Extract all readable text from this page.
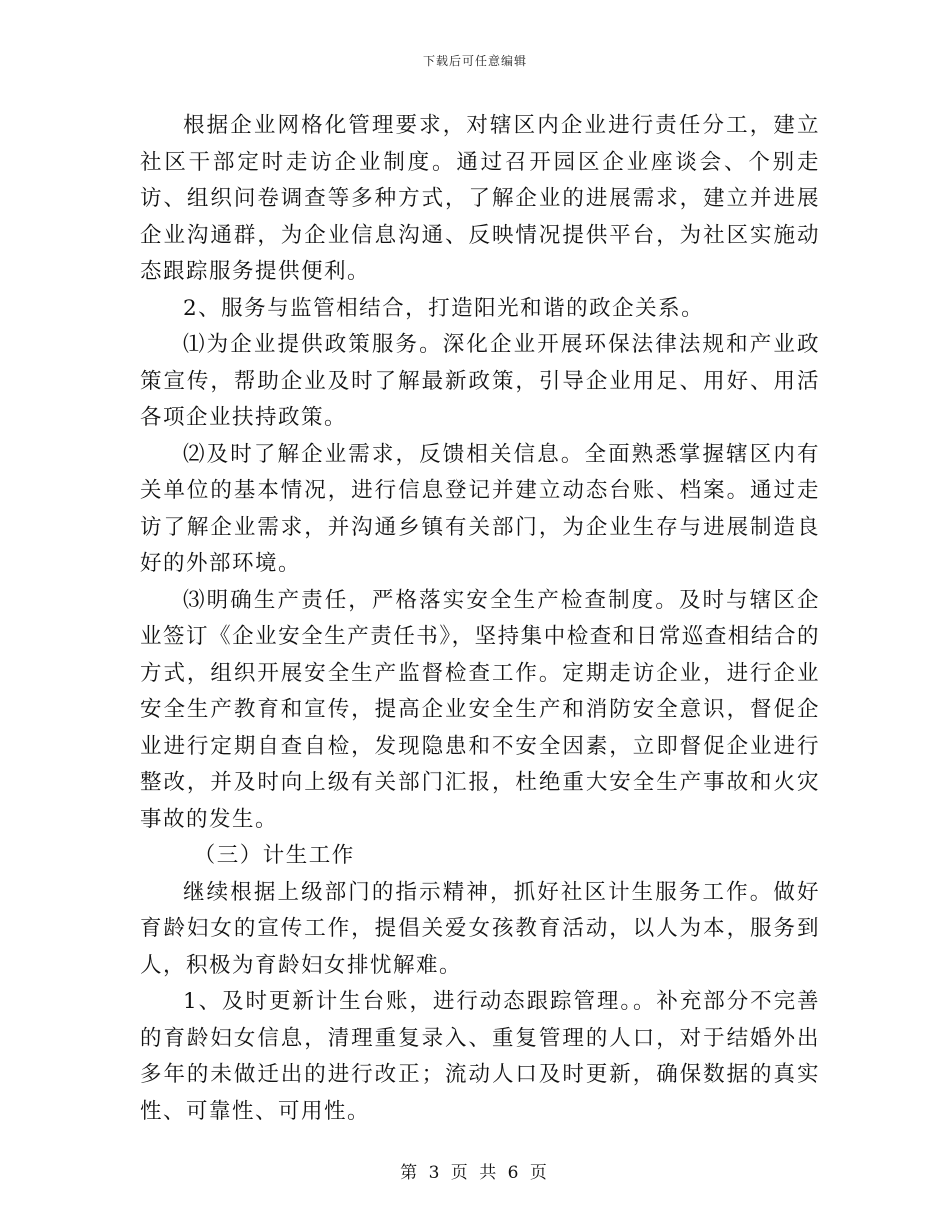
下载后可任意编辑

根据企业网格化管理要求，对辖区内企业进行责任分工，建立社区干部定时走访企业制度。通过召开园区企业座谈会、个别走访、组织问卷调查等多种方式，了解企业的进展需求，建立并进展企业沟通群，为企业信息沟通、反映情况提供平台，为社区实施动态跟踪服务提供便利。

2、服务与监管相结合，打造阳光和谐的政企关系。

⑴为企业提供政策服务。深化企业开展环保法律法规和产业政策宣传，帮助企业及时了解最新政策，引导企业用足、用好、用活各项企业扶持政策。

⑵及时了解企业需求，反馈相关信息。全面熟悉掌握辖区内有关单位的基本情况，进行信息登记并建立动态台账、档案。通过走访了解企业需求，并沟通乡镇有关部门，为企业生存与进展制造良好的外部环境。

⑶明确生产责任，严格落实安全生产检查制度。及时与辖区企业签订《企业安全生产责任书》，坚持集中检查和日常巡查相结合的方式，组织开展安全生产监督检查工作。定期走访企业，进行企业安全生产教育和宣传，提高企业安全生产和消防安全意识，督促企业进行定期自查自检，发现隐患和不安全因素，立即督促企业进行整改，并及时向上级有关部门汇报，杜绝重大安全生产事故和火灾事故的发生。

（三）计生工作

继续根据上级部门的指示精神，抓好社区计生服务工作。做好育龄妇女的宣传工作，提倡关爱女孩教育活动，以人为本，服务到人，积极为育龄妇女排忧解难。

1、及时更新计生台账，进行动态跟踪管理。。补充部分不完善的育龄妇女信息，清理重复录入、重复管理的人口，对于结婚外出多年的未做迁出的进行改正；流动人口及时更新，确保数据的真实性、可靠性、可用性。

第 3 页 共 6 页
